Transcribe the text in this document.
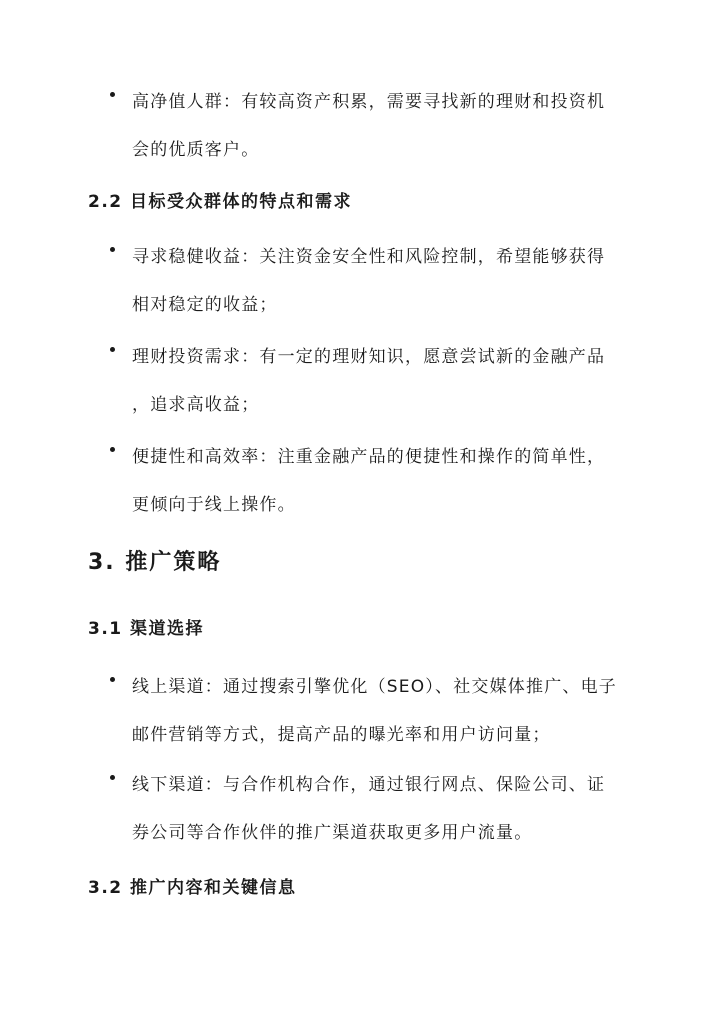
高净值人群：有较高资产积累，需要寻找新的理财和投资机
会的优质客户。
2.2 目标受众群体的特点和需求
寻求稳健收益：关注资金安全性和风险控制，希望能够获得
相对稳定的收益；
理财投资需求：有一定的理财知识，愿意尝试新的金融产品
，追求高收益；
便捷性和高效率：注重金融产品的便捷性和操作的简单性，
更倾向于线上操作。
3. 推广策略
3.1 渠道选择
线上渠道：通过搜索引擎优化（SEO）、社交媒体推广、电子
邮件营销等方式，提高产品的曝光率和用户访问量；
线下渠道：与合作机构合作，通过银行网点、保险公司、证
券公司等合作伙伴的推广渠道获取更多用户流量。
3.2 推广内容和关键信息
